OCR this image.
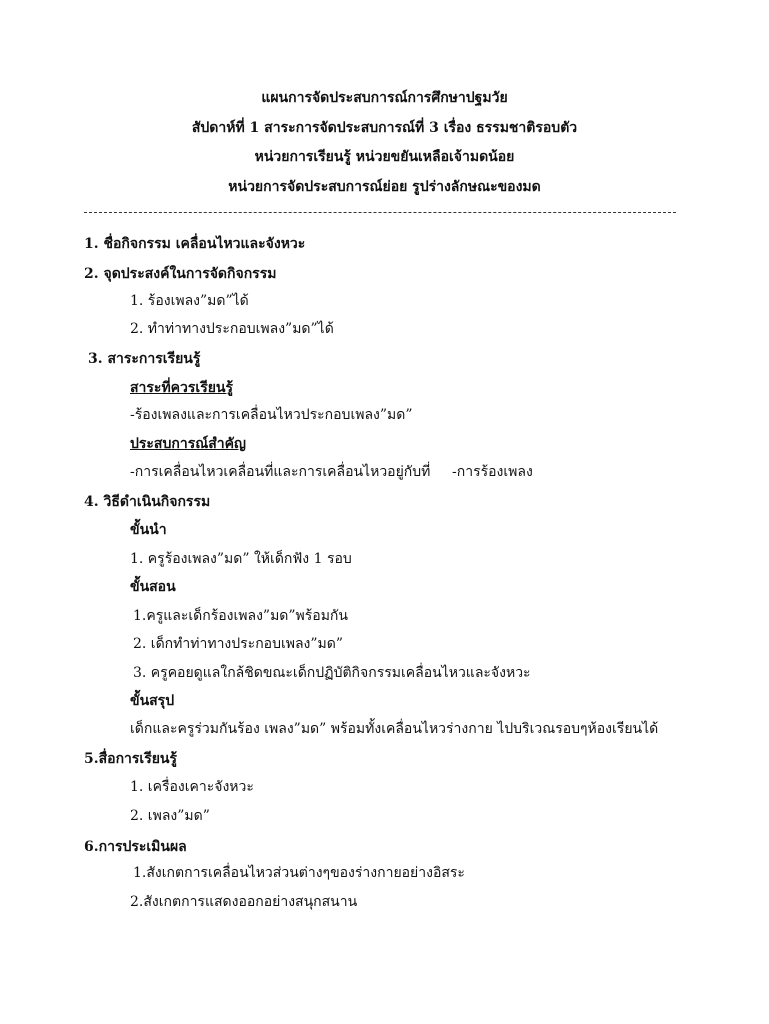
แผนการจัดประสบการณ์การศึกษาปฐมวัย
สัปดาห์ที่ 1 สาระการจัดประสบการณ์ที่ 3 เรื่อง ธรรมชาติรอบตัว
หน่วยการเรียนรู้ หน่วยขยันเหลือเจ้ามดน้อย
หน่วยการจัดประสบการณ์ย่อย รูปร่างลักษณะของมด
1. ชื่อกิจกรรม เคลื่อนไหวและจังหวะ
2. จุดประสงค์ในการจัดกิจกรรม
1. ร้องเพลง”มด”ได้
2. ทำท่าทางประกอบเพลง”มด”ได้
3. สาระการเรียนรู้
สาระที่ควรเรียนรู้
-ร้องเพลงและการเคลื่อนไหวประกอบเพลง”มด”
ประสบการณ์สำคัญ
-การเคลื่อนไหวเคลื่อนที่และการเคลื่อนไหวอยู่กับที่ -การร้องเพลง
4. วิธีดำเนินกิจกรรม
ขั้นนำ
1. ครูร้องเพลง”มด” ให้เด็กฟัง 1 รอบ
ขั้นสอน
1.ครูและเด็กร้องเพลง”มด”พร้อมกัน
2. เด็กทำท่าทางประกอบเพลง”มด”
3. ครูคอยดูแลใกล้ชิดขณะเด็กปฏิบัติกิจกรรมเคลื่อนไหวและจังหวะ
ขั้นสรุป
เด็กและครูร่วมกันร้อง เพลง”มด” พร้อมทั้งเคลื่อนไหวร่างกาย ไปบริเวณรอบๆห้องเรียนได้
5.สื่อการเรียนรู้
1. เครื่องเคาะจังหวะ
2. เพลง”มด”
6.การประเมินผล
1.สังเกตการเคลื่อนไหวส่วนต่างๆของร่างกายอย่างอิสระ
2.สังเกตการแสดงออกอย่างสนุกสนาน
